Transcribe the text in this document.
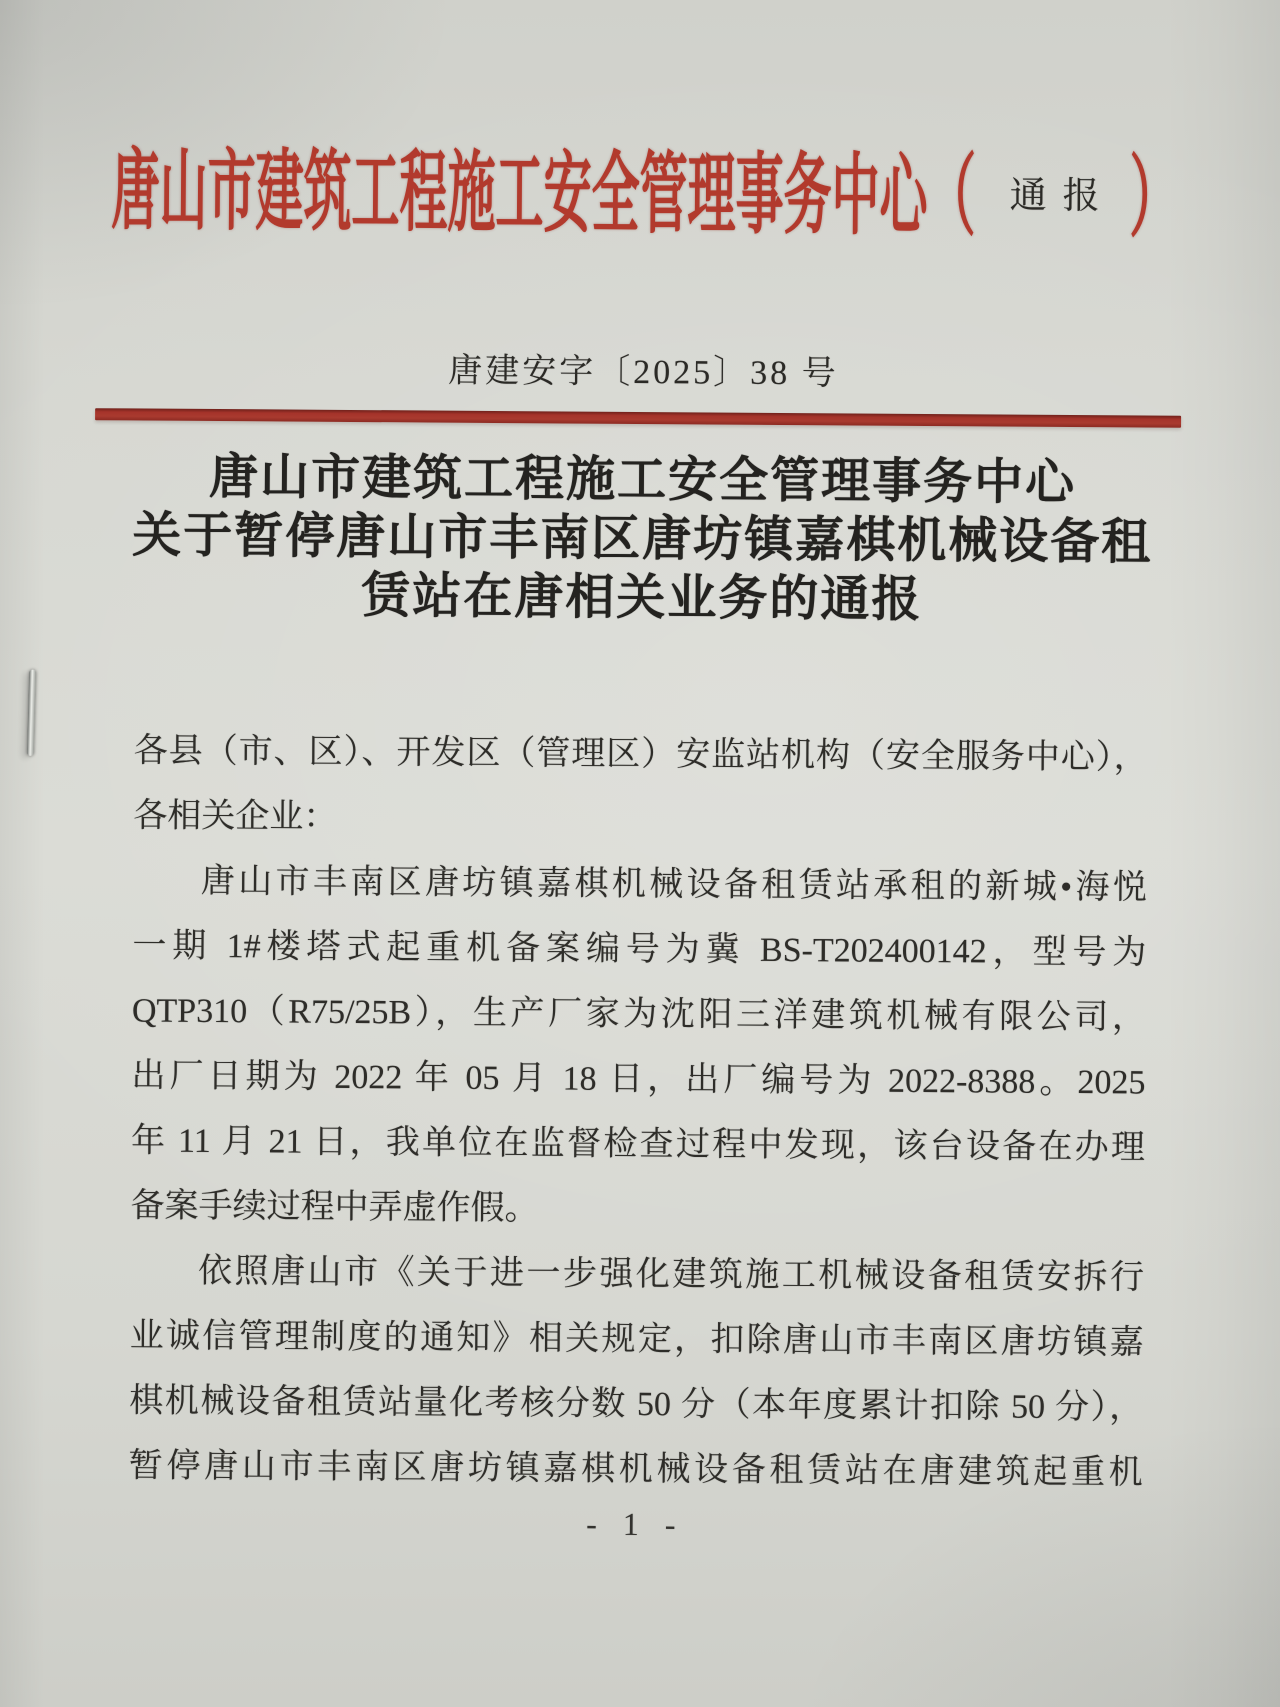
唐山市建筑工程施工安全管理事务中心（ 通报 ）
唐建安字〔2025〕38 号
唐山市建筑工程施工安全管理事务中心
关于暂停唐山市丰南区唐坊镇嘉棋机械设备租
赁站在唐相关业务的通报
各县（市、区）、开发区（管理区）安监站机构（安全服务中心），
各相关企业：
唐山市丰南区唐坊镇嘉棋机械设备租赁站承租的新城•海悦
一期 1#楼塔式起重机备案编号为冀 BS-T202400142，型号为
QTP310（R75/25B），生产厂家为沈阳三洋建筑机械有限公司，
出厂日期为 2022 年 05 月 18 日，出厂编号为 2022-8388。2025
年 11 月 21 日，我单位在监督检查过程中发现，该台设备在办理
备案手续过程中弄虚作假。
依照唐山市《关于进一步强化建筑施工机械设备租赁安拆行
业诚信管理制度的通知》相关规定，扣除唐山市丰南区唐坊镇嘉
棋机械设备租赁站量化考核分数 50 分（本年度累计扣除 50 分），
暂停唐山市丰南区唐坊镇嘉棋机械设备租赁站在唐建筑起重机
- 1 -
